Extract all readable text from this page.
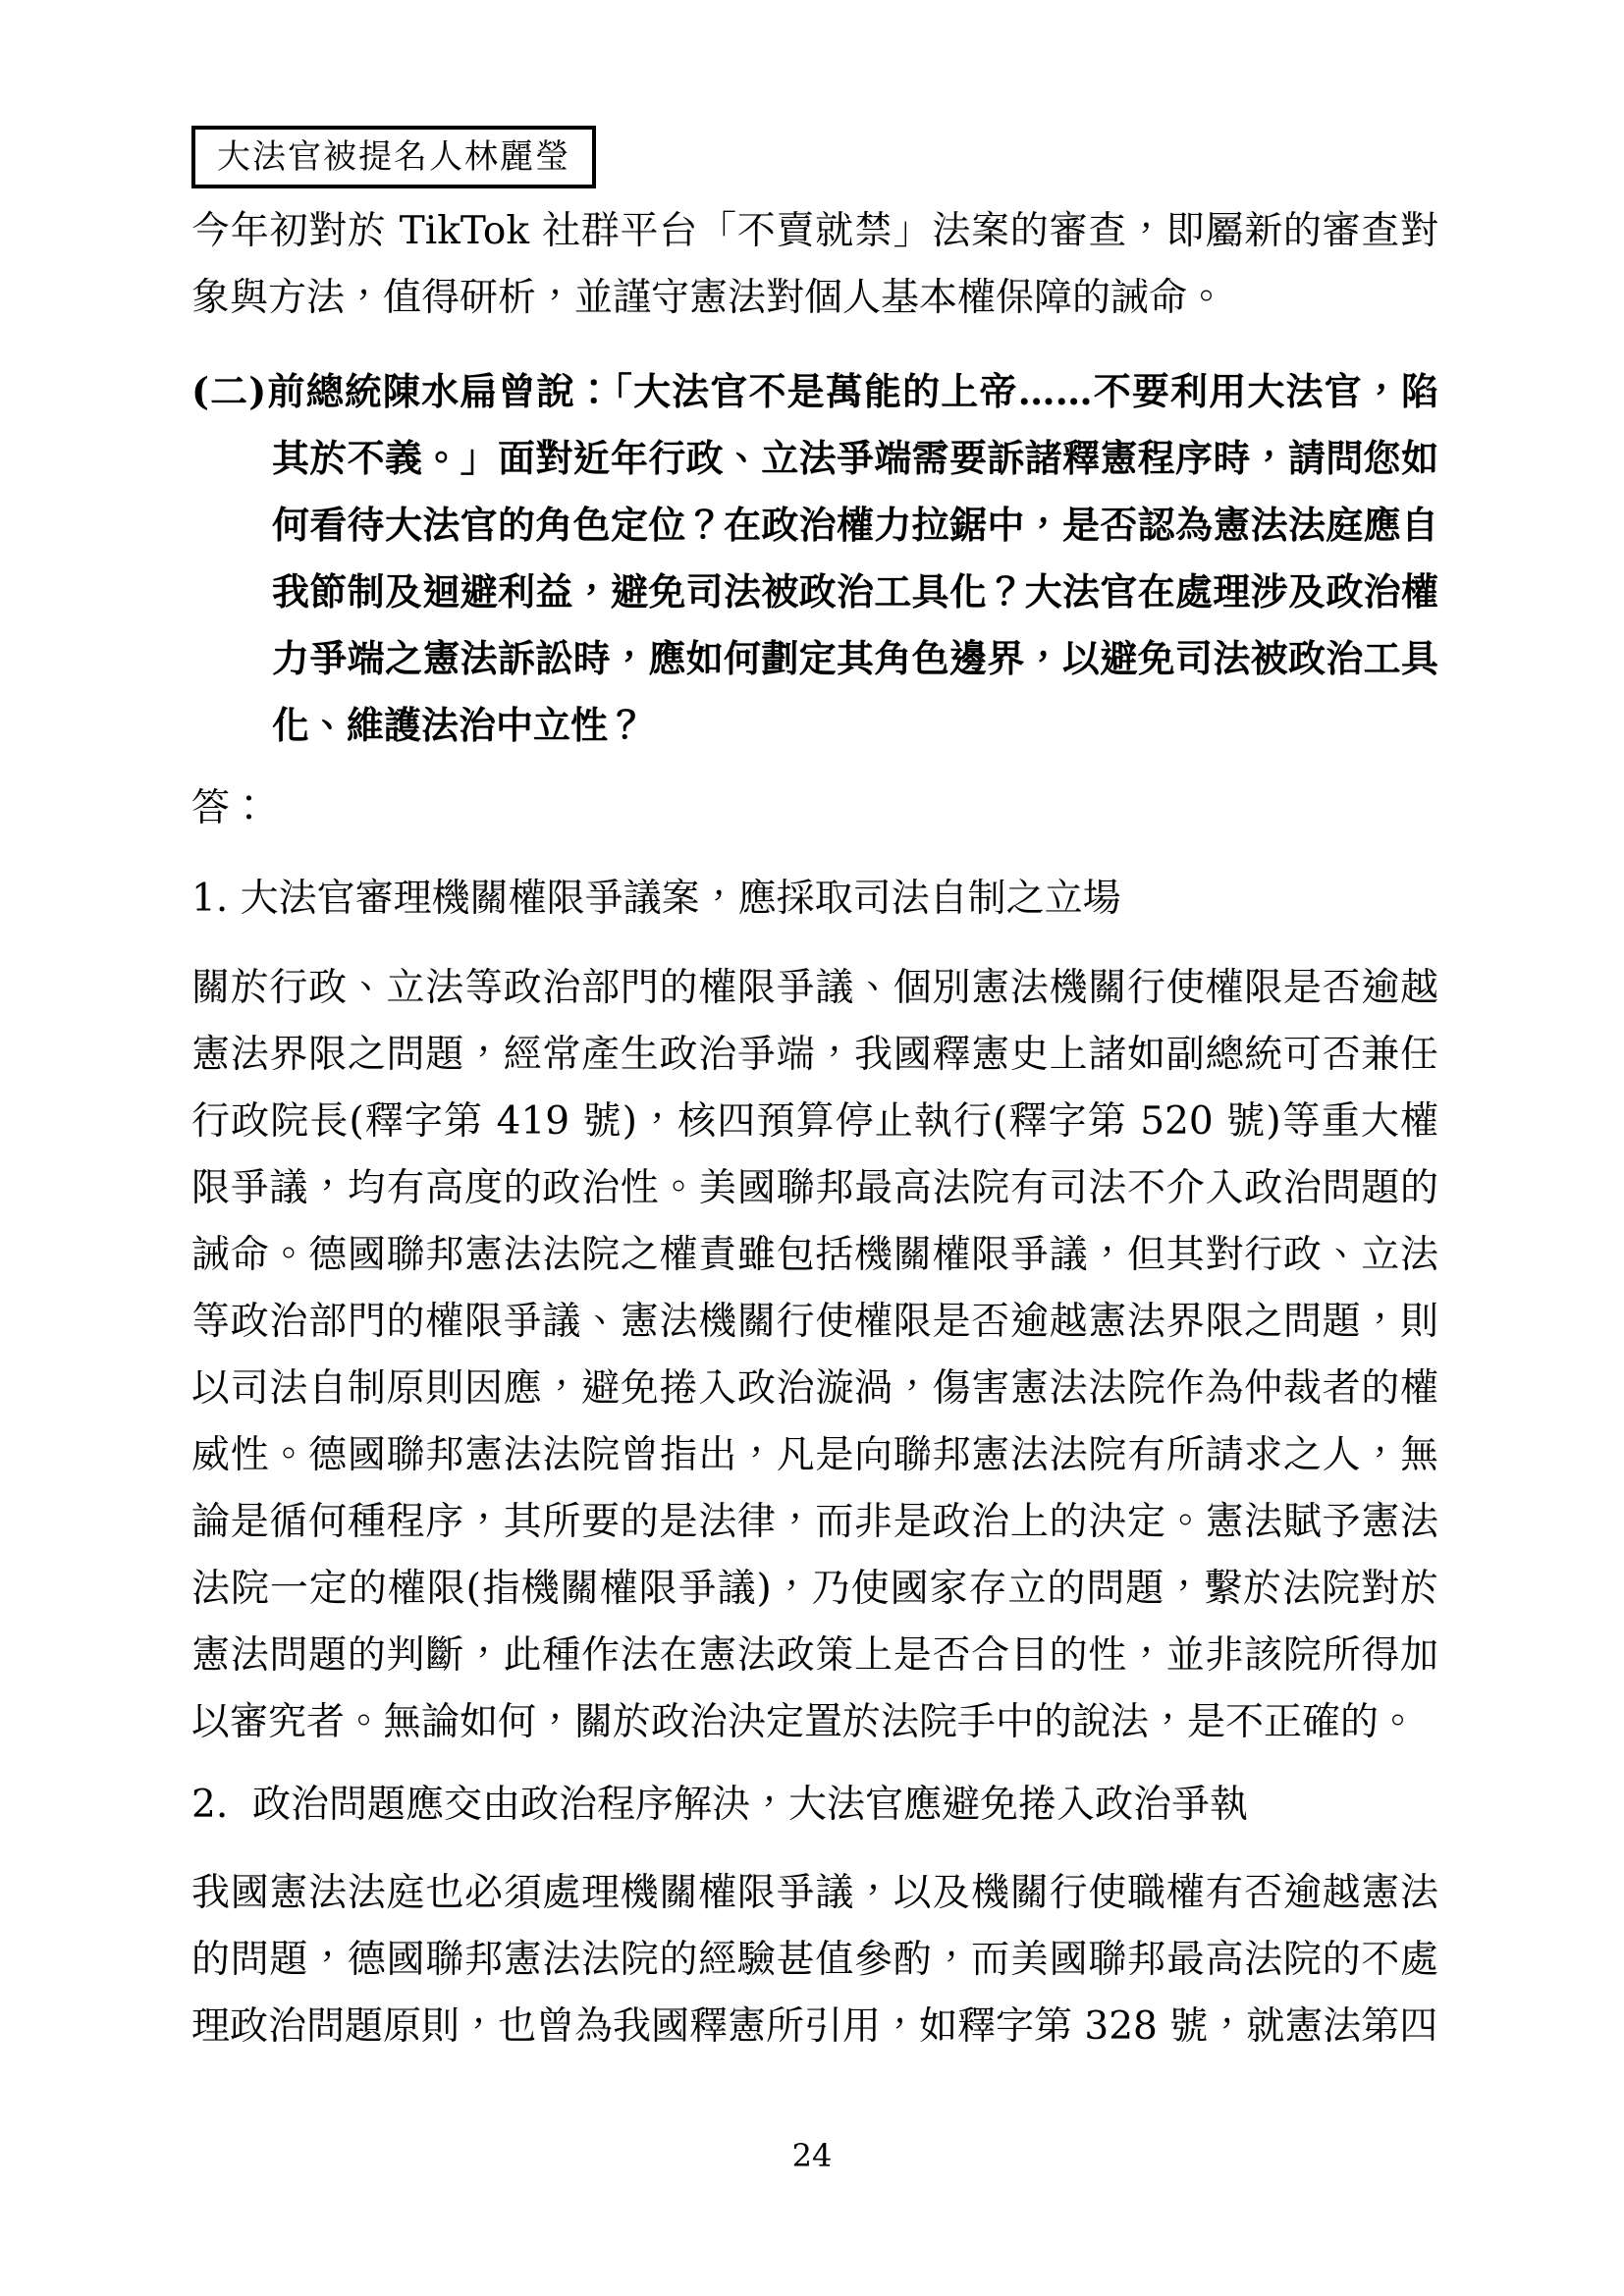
大法官被提名人林麗瑩

今年初對於 TikTok 社群平台「不賣就禁」法案的審查，即屬新的審查對象與方法，值得研析，並謹守憲法對個人基本權保障的誡命。

(二)前總統陳水扁曾說：「大法官不是萬能的上帝……不要利用大法官，陷其於不義。」面對近年行政、立法爭端需要訴諸釋憲程序時，請問您如何看待大法官的角色定位？在政治權力拉鋸中，是否認為憲法法庭應自我節制及迴避利益，避免司法被政治工具化？大法官在處理涉及政治權力爭端之憲法訴訟時，應如何劃定其角色邊界，以避免司法被政治工具化、維護法治中立性？

答：

1. 大法官審理機關權限爭議案，應採取司法自制之立場

關於行政、立法等政治部門的權限爭議、個別憲法機關行使權限是否逾越憲法界限之問題，經常產生政治爭端，我國釋憲史上諸如副總統可否兼任行政院長(釋字第 419 號)，核四預算停止執行(釋字第 520 號)等重大權限爭議，均有高度的政治性。美國聯邦最高法院有司法不介入政治問題的誡命。德國聯邦憲法法院之權責雖包括機關權限爭議，但其對行政、立法等政治部門的權限爭議、憲法機關行使權限是否逾越憲法界限之問題，則以司法自制原則因應，避免捲入政治漩渦，傷害憲法法院作為仲裁者的權威性。德國聯邦憲法法院曾指出，凡是向聯邦憲法法院有所請求之人，無論是循何種程序，其所要的是法律，而非是政治上的決定。憲法賦予憲法法院一定的權限(指機關權限爭議)，乃使國家存立的問題，繫於法院對於憲法問題的判斷，此種作法在憲法政策上是否合目的性，並非該院所得加以審究者。無論如何，關於政治決定置於法院手中的說法，是不正確的。

2.  政治問題應交由政治程序解決，大法官應避免捲入政治爭執

我國憲法法庭也必須處理機關權限爭議，以及機關行使職權有否逾越憲法的問題，德國聯邦憲法法院的經驗甚值參酌，而美國聯邦最高法院的不處理政治問題原則，也曾為我國釋憲所引用，如釋字第 328 號，就憲法第四

24
